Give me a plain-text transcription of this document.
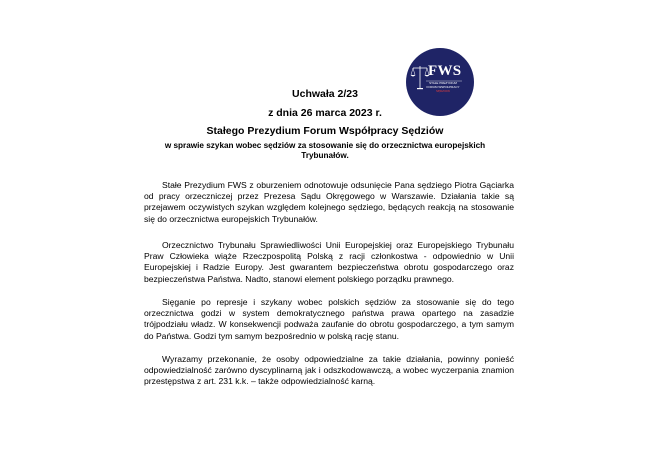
FWS
STAŁE PREZYDIUM
FORUM WSPÓŁPRACY
SĘDZIÓW
Uchwała 2/23
z dnia 26 marca 2023 r.
Stałego Prezydium Forum Współpracy Sędziów
w sprawie szykan wobec sędziów za stosowanie się do orzecznictwa europejskich Trybunałów.
Stałe Prezydium FWS z oburzeniem odnotowuje odsunięcie Pana sędziego Piotra Gąciarka od pracy orzeczniczej przez Prezesa Sądu Okręgowego w Warszawie. Działania takie są przejawem oczywistych szykan względem kolejnego sędziego, będących reakcją na stosowanie się do orzecznictwa europejskich Trybunałów.
Orzecznictwo Trybunału Sprawiedliwości Unii Europejskiej oraz Europejskiego Trybunału Praw Człowieka wiąże Rzeczpospolitą Polską z racji członkostwa - odpowiednio w Unii Europejskiej i Radzie Europy. Jest gwarantem bezpieczeństwa obrotu gospodarczego oraz bezpieczeństwa Państwa. Nadto, stanowi element polskiego porządku prawnego.
Sięganie po represje i szykany wobec polskich sędziów za stosowanie się do tego orzecznictwa godzi w system demokratycznego państwa prawa opartego na zasadzie trójpodziału władz. W konsekwencji podważa zaufanie do obrotu gospodarczego, a tym samym do Państwa. Godzi tym samym bezpośrednio w polską rację stanu.
Wyrazamy przekonanie, że osoby odpowiedzialne za takie działania, powinny ponieść odpowiedzialność zarówno dyscyplinarną jak i odszkodowawczą, a wobec wyczerpania znamion przestępstwa z art. 231 k.k. – także odpowiedzialność karną.
